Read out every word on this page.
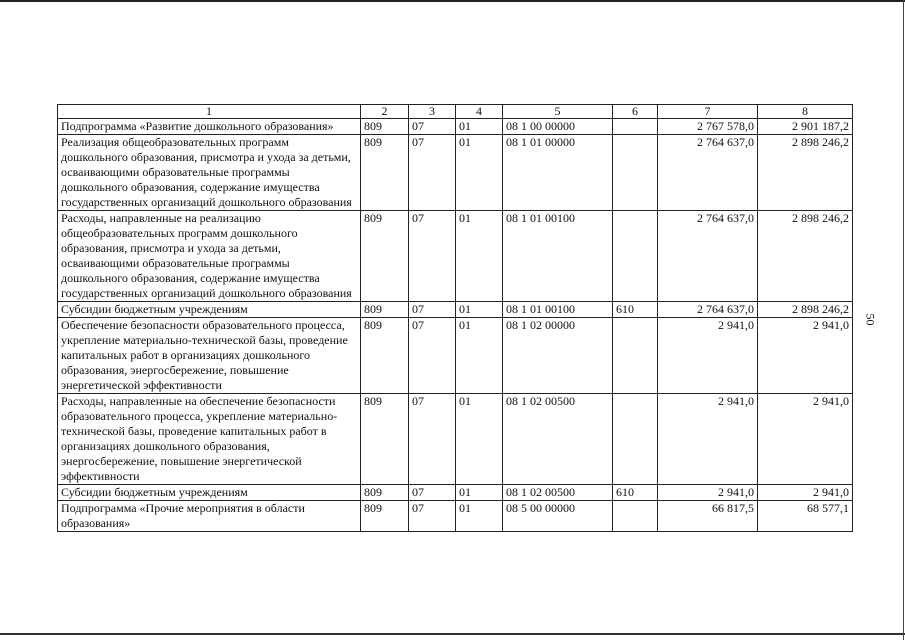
50
1	2	3	4	5	6	7	8
Подпрограмма «Развитие дошкольного образования»	809	07	01	08 1 00 00000		2 767 578,0	2 901 187,2
Реализация общеобразовательных программ дошкольного образования, присмотра и ухода за детьми, осваивающими образовательные программы дошкольного образования, содержание имущества государственных организаций дошкольного образования	809	07	01	08 1 01 00000		2 764 637,0	2 898 246,2
Расходы, направленные на реализацию общеобразовательных программ дошкольного образования, присмотра и ухода за детьми, осваивающими образовательные программы дошкольного образования, содержание имущества государственных организаций дошкольного образования	809	07	01	08 1 01 00100		2 764 637,0	2 898 246,2
Субсидии бюджетным учреждениям	809	07	01	08 1 01 00100	610	2 764 637,0	2 898 246,2
Обеспечение безопасности образовательного процесса, укрепление материально-технической базы, проведение капитальных работ в организациях дошкольного образования, энергосбережение, повышение энергетической эффективности	809	07	01	08 1 02 00000		2 941,0	2 941,0
Расходы, направленные на обеспечение безопасности образовательного процесса, укрепление материально-технической базы, проведение капитальных работ в организациях дошкольного образования, энергосбережение, повышение энергетической эффективности	809	07	01	08 1 02 00500		2 941,0	2 941,0
Субсидии бюджетным учреждениям	809	07	01	08 1 02 00500	610	2 941,0	2 941,0
Подпрограмма «Прочие мероприятия в области образования»	809	07	01	08 5 00 00000		66 817,5	68 577,1
